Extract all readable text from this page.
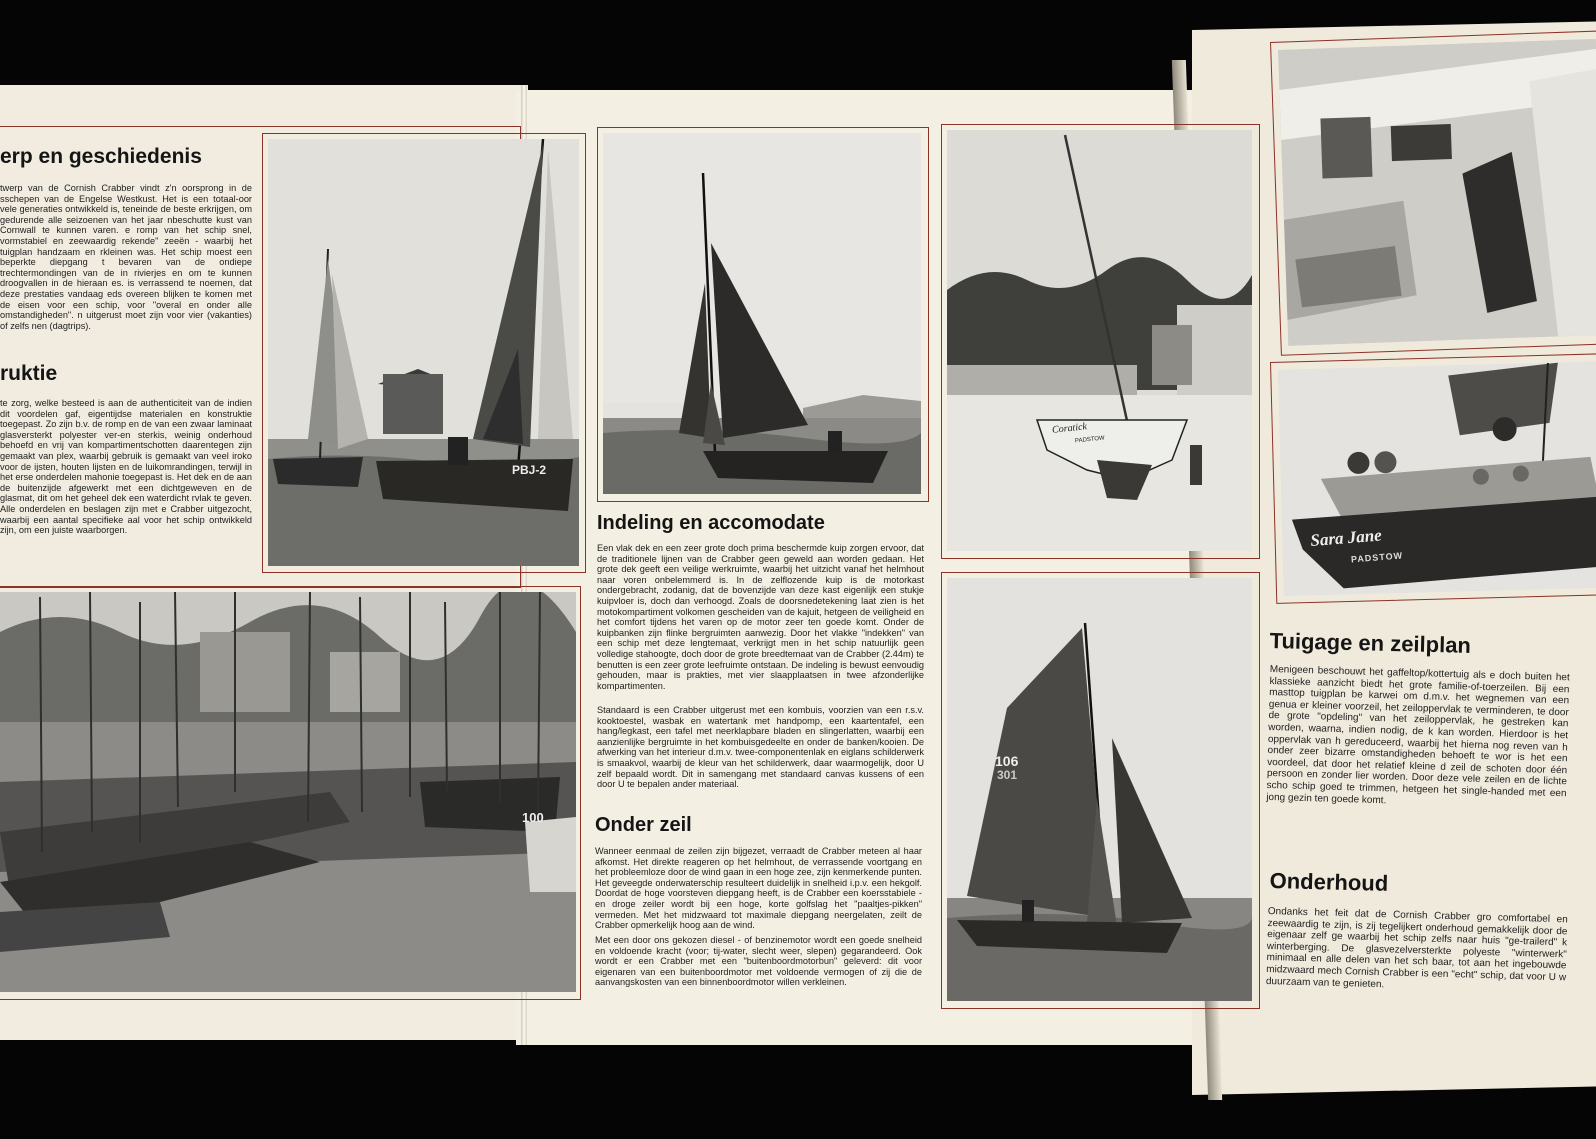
erp en geschiedenis

twerp van de Cornish Crabber vindt z'n oorsprong in de sschepen van de Engelse Westkust. Het is een totaal-oor vele generaties ontwikkeld is, teneinde de beste erkrijgen, om gedurende alle seizoenen van het jaar nbeschutte kust van Cornwall te kunnen varen. e romp van het schip snel, vormstabiel en zeewaardig rekende" zeeën - waarbij het tuigplan handzaam en rkleinen was. Het schip moest een beperkte diepgang t bevaren van de ondiepe trechtermondingen van de in rivierjes en om te kunnen droogvallen in de hieraan es. is verrassend te noemen, dat deze prestaties vandaag eds overeen blijken te komen met de eisen voor een schip, voor "overal en onder alle omstandigheden". n uitgerust moet zijn voor vier (vakanties) of zelfs nen (dagtrips).

ruktie

te zorg, welke besteed is aan de authenticiteit van de indien dit voordelen gaf, eigentijdse materialen en konstruktie toegepast. Zo zijn b.v. de romp en de van een zwaar laminaat glasversterkt polyester ver-en sterkis, weinig onderhoud behoefd en vrij van kompartimentschotten daarentegen zijn gemaakt van plex, waarbij gebruik is gemaakt van veel iroko voor de ijsten, houten lijsten en de luikomrandingen, terwijl in het erse onderdelen mahonie toegepast is. Het dek en de aan de buitenzijde afgewerkt met een dichtgeweven en de glasmat, dit om het geheel dek een waterdicht rvlak te geven. Alle onderdelen en beslagen zijn met e Crabber uitgezocht, waarbij een aantal specifieke aal voor het schip ontwikkeld zijn, om een juiste waarborgen.

PBJ-2
100
Indeling en accomodate

Een vlak dek en een zeer grote doch prima beschermde kuip zorgen ervoor, dat de traditionele lijnen van de Crabber geen geweld aan worden gedaan. Het grote dek geeft een veilige werkruimte, waarbij het uitzicht vanaf het helmhout naar voren onbelemmerd is. In de zelflozende kuip is de motorkast ondergebracht, zodanig, dat de bovenzijde van deze kast eigenlijk een stukje kuipvloer is, doch dan verhoogd. Zoals de doorsnedetekening laat zien is het motokompartiment volkomen gescheiden van de kajuit, hetgeen de veiligheid en het comfort tijdens het varen op de motor zeer ten goede komt. Onder de kuipbanken zijn flinke bergruimten aanwezig. Door het vlakke "indekken" van een schip met deze lengtemaat, verkrijgt men in het schip natuurlijk geen volledige stahoogte, doch door de grote breedtemaat van de Crabber (2.44m) te benutten is een zeer grote leefruimte ontstaan. De indeling is bewust eenvoudig gehouden, maar is prakties, met vier slaapplaatsen in twee afzonderlijke kompartimenten.

Standaard is een Crabber uitgerust met een kombuis, voorzien van een r.s.v. kooktoestel, wasbak en watertank met handpomp, een kaartentafel, een hang/legkast, een tafel met neerklapbare bladen en slingerlatten, waarbij een aanzienlijke bergruimte in het kombuisgedeelte en onder de banken/kooien. De afwerking van het interieur d.m.v. twee-componentenlak en eiglans schilderwerk is smaakvol, waarbij de kleur van het schilderwerk, daar waarmogelijk, door U zelf bepaald wordt. Dit in samengang met standaard canvas kussens of een door U te bepalen ander materiaal.

Onder zeil

Wanneer eenmaal de zeilen zijn bijgezet, verraadt de Crabber meteen al haar afkomst. Het direkte reageren op het helmhout, de verrassende voortgang en het probleemloze door de wind gaan in een hoge zee, zijn kenmerkende punten. Het geveegde onderwaterschip resulteert duidelijk in snelheid i.p.v. een hekgolf. Doordat de hoge voorsteven diepgang heeft, is de Crabber een koersstabiele - en droge zeiler wordt bij een hoge, korte golfslag het "paaltjes-pikken" vermeden. Met het midzwaard tot maximale diepgang neergelaten, zeilt de Crabber opmerkelijk hoog aan de wind.

Met een door ons gekozen diesel - of benzinemotor wordt een goede snelheid en voldoende kracht (voor; tij-water, slecht weer, slepen) gegarandeerd. Ook wordt er een Crabber met een "buitenboordmotorbun" geleverd: dit voor eigenaren van een buitenboordmotor met voldoende vermogen of zij die de aanvangskosten van een binnenboordmotor willen verkleinen.

Coratick
PADSTOW
106
301
Sara Jane
PADSTOW
Tuigage en zeilplan

Menigeen beschouwt het gaffeltop/kottertuig als e doch buiten het klassieke aanzicht biedt het grote familie-of-toerzeilen. Bij een masttop tuigplan be karwei om d.m.v. het wegnemen van een genua er kleiner voorzeil, het zeiloppervlak te verminderen, te door de grote "opdeling" van het zeiloppervlak, he gestreken kan worden, waarna, indien nodig, de k kan worden. Hierdoor is het oppervlak van h gereduceerd, waarbij het hierna nog reven van h onder zeer bizarre omstandigheden behoeft te wor is het een voordeel, dat door het relatief kleine d zeil de schoten door één persoon en zonder lier worden. Door deze vele zeilen en de lichte scho schip goed te trimmen, hetgeen het single-handed met een jong gezin ten goede komt.

Onderhoud

Ondanks het feit dat de Cornish Crabber gro comfortabel en zeewaardig te zijn, is zij tegelijkert onderhoud gemakkelijk door de eigenaar zelf ge waarbij het schip zelfs naar huis "ge-trailerd" k winterberging. De glasvezelversterkte polyeste "winterwerk" minimaal en alle delen van het sch baar, tot aan het ingebouwde midzwaard mech Cornish Crabber is een "echt" schip, dat voor U w duurzaam van te genieten.
